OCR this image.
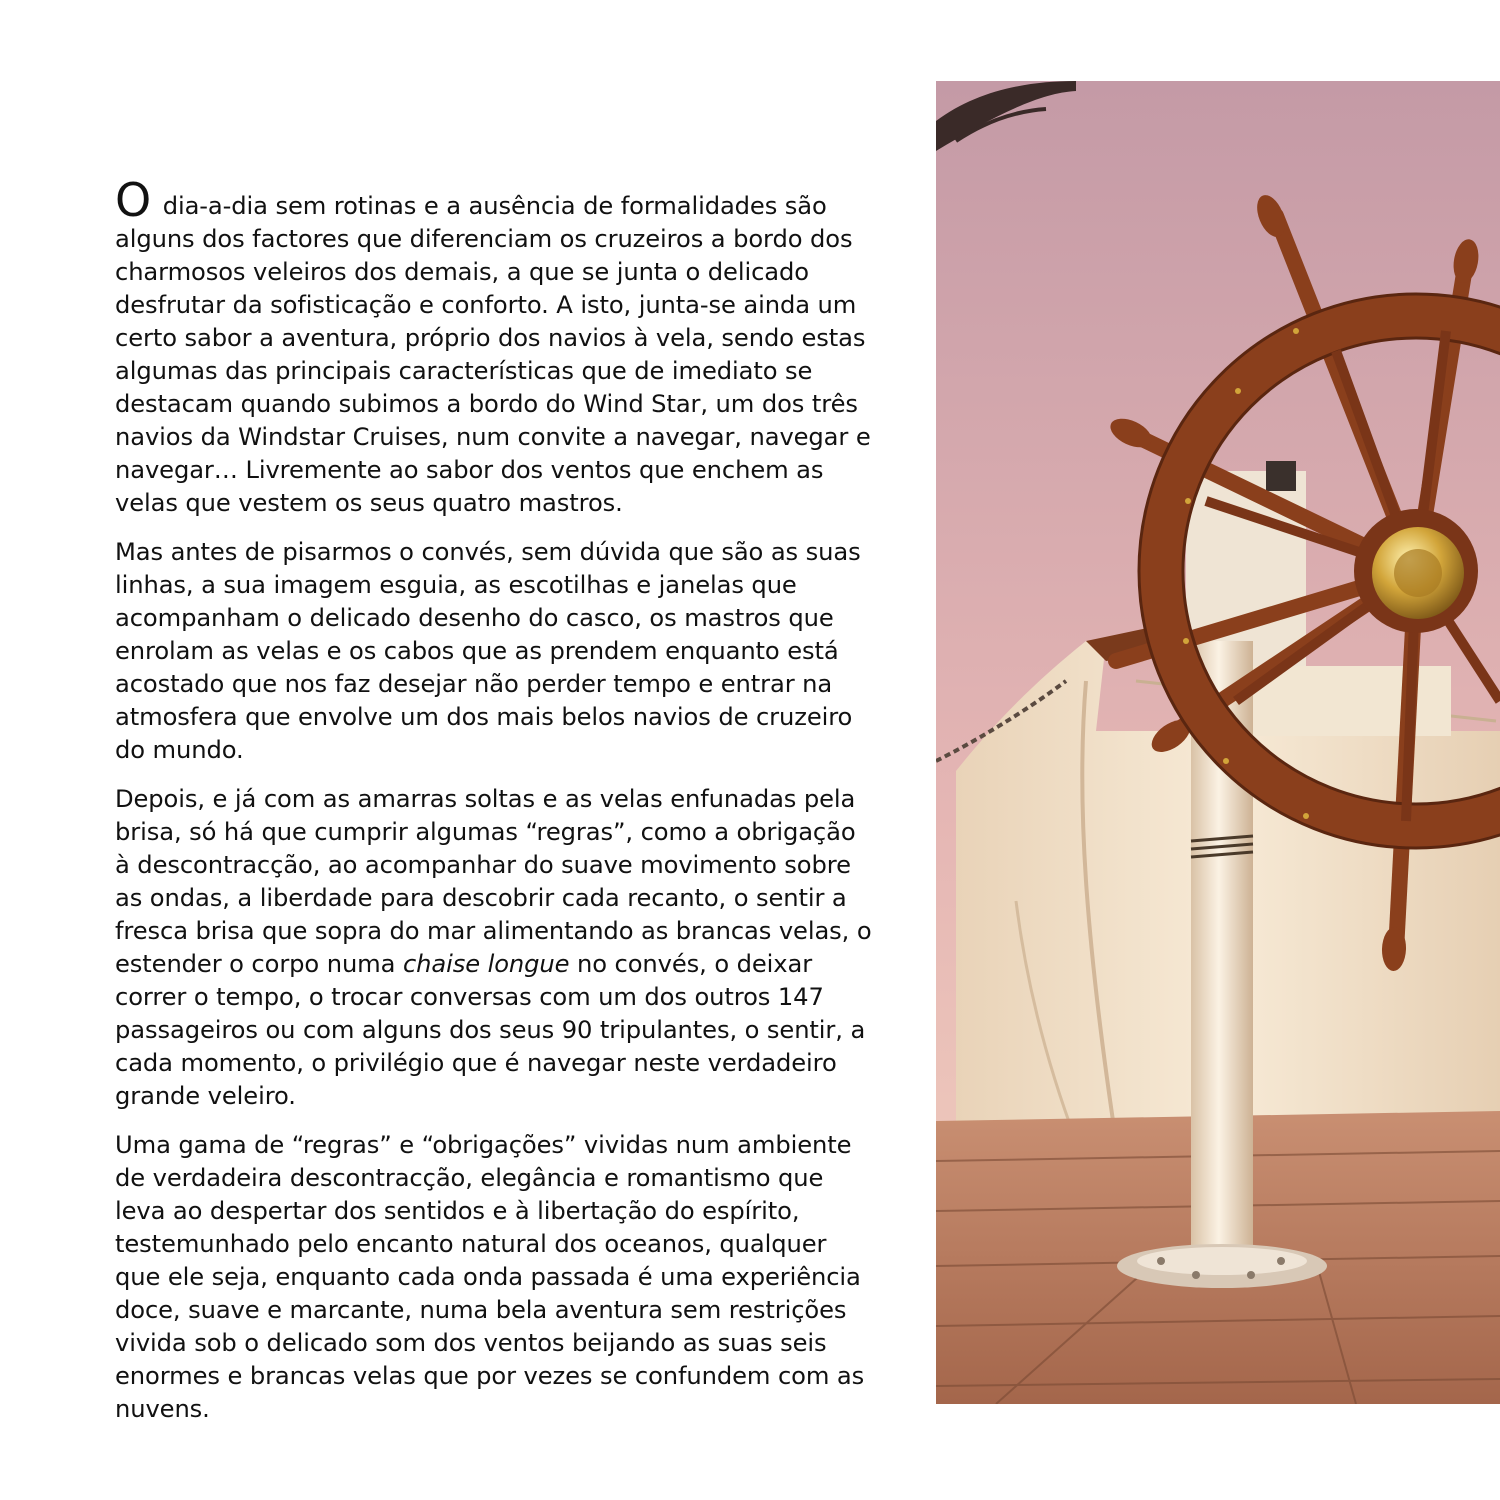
O dia-a-dia sem rotinas e a ausência de formalidades são alguns dos factores que diferenciam os cruzeiros a bordo dos charmosos veleiros dos demais, a que se junta o delicado desfrutar da sofisticação e conforto. A isto, junta-se ainda um certo sabor a aventura, próprio dos navios à vela, sendo estas algumas das principais características que de imediato se destacam quando subimos a bordo do Wind Star, um dos três navios da Windstar Cruises, num convite a navegar, navegar e navegar… Livremente ao sabor dos ventos que enchem as velas que vestem os seus quatro mastros.

Mas antes de pisarmos o convés, sem dúvida que são as suas linhas, a sua imagem esguia, as escotilhas e janelas que acompanham o delicado desenho do casco, os mastros que enrolam as velas e os cabos que as prendem enquanto está acostado que nos faz desejar não perder tempo e entrar na atmosfera que envolve um dos mais belos navios de cruzeiro do mundo.

Depois, e já com as amarras soltas e as velas enfunadas pela brisa, só há que cumprir algumas “regras”, como a obrigação à descontracção, ao acompanhar do suave movimento sobre as ondas, a liberdade para descobrir cada recanto, o sentir a fresca brisa que sopra do mar alimentando as brancas velas, o estender o corpo numa chaise longue no convés, o deixar correr o tempo, o trocar conversas com um dos outros 147 passageiros ou com alguns dos seus 90 tripulantes, o sentir, a cada momento, o privilégio que é navegar neste verdadeiro grande veleiro.

Uma gama de “regras” e “obrigações” vividas num ambiente de verdadeira descontracção, elegância e romantismo que leva ao despertar dos sentidos e à libertação do espírito, testemunhado pelo encanto natural dos oceanos, qualquer que ele seja, enquanto cada onda passada é uma experiência doce, suave e marcante, numa bela aventura sem restrições vivida sob o delicado som dos ventos beijando as suas seis enormes e brancas velas que por vezes se confundem com as nuvens.
